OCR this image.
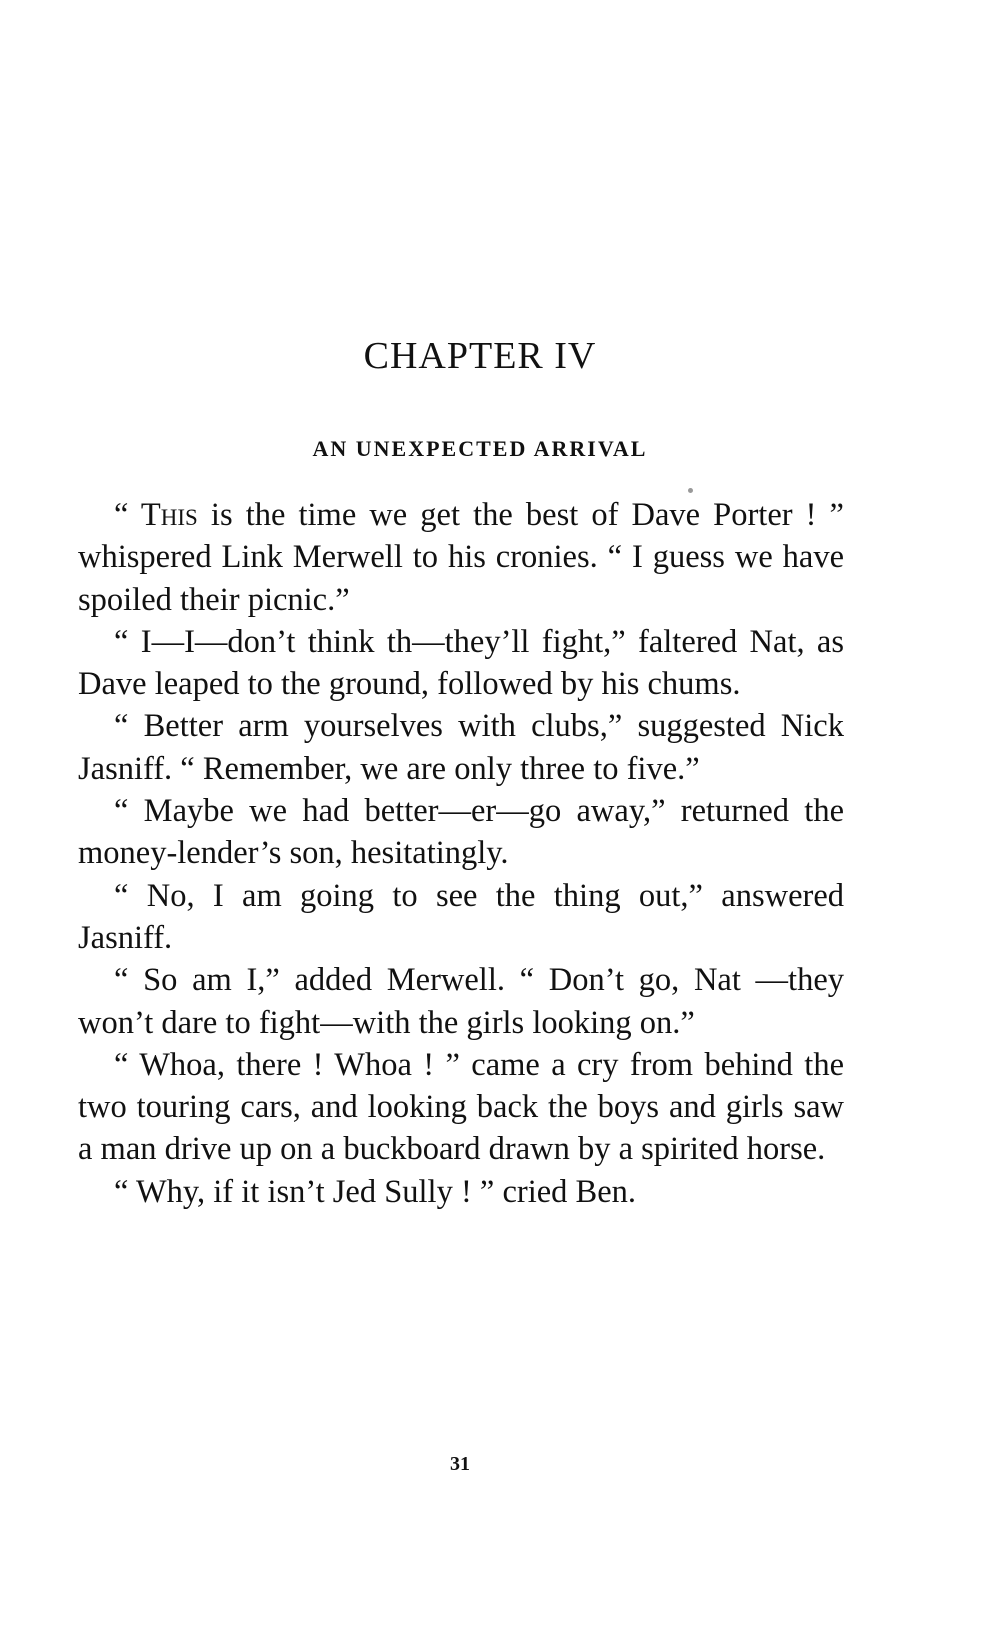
CHAPTER IV
AN UNEXPECTED ARRIVAL

“ This is the time we get the best of Dave Porter ! ” whispered Link Merwell to his cronies. “ I guess we have spoiled their picnic.”

“ I—I—don’t think th—they’ll fight,” faltered Nat, as Dave leaped to the ground, followed by his chums.

“ Better arm yourselves with clubs,” suggested Nick Jasniff. “ Remember, we are only three to five.”

“ Maybe we had better—er—go away,” returned the money-lender’s son, hesitatingly.

“ No, I am going to see the thing out,” answered Jasniff.

“ So am I,” added Merwell. “ Don’t go, Nat —they won’t dare to fight—with the girls looking on.”

“ Whoa, there ! Whoa ! ” came a cry from behind the two touring cars, and looking back the boys and girls saw a man drive up on a buckboard drawn by a spirited horse.

“ Why, if it isn’t Jed Sully ! ” cried Ben.

31
